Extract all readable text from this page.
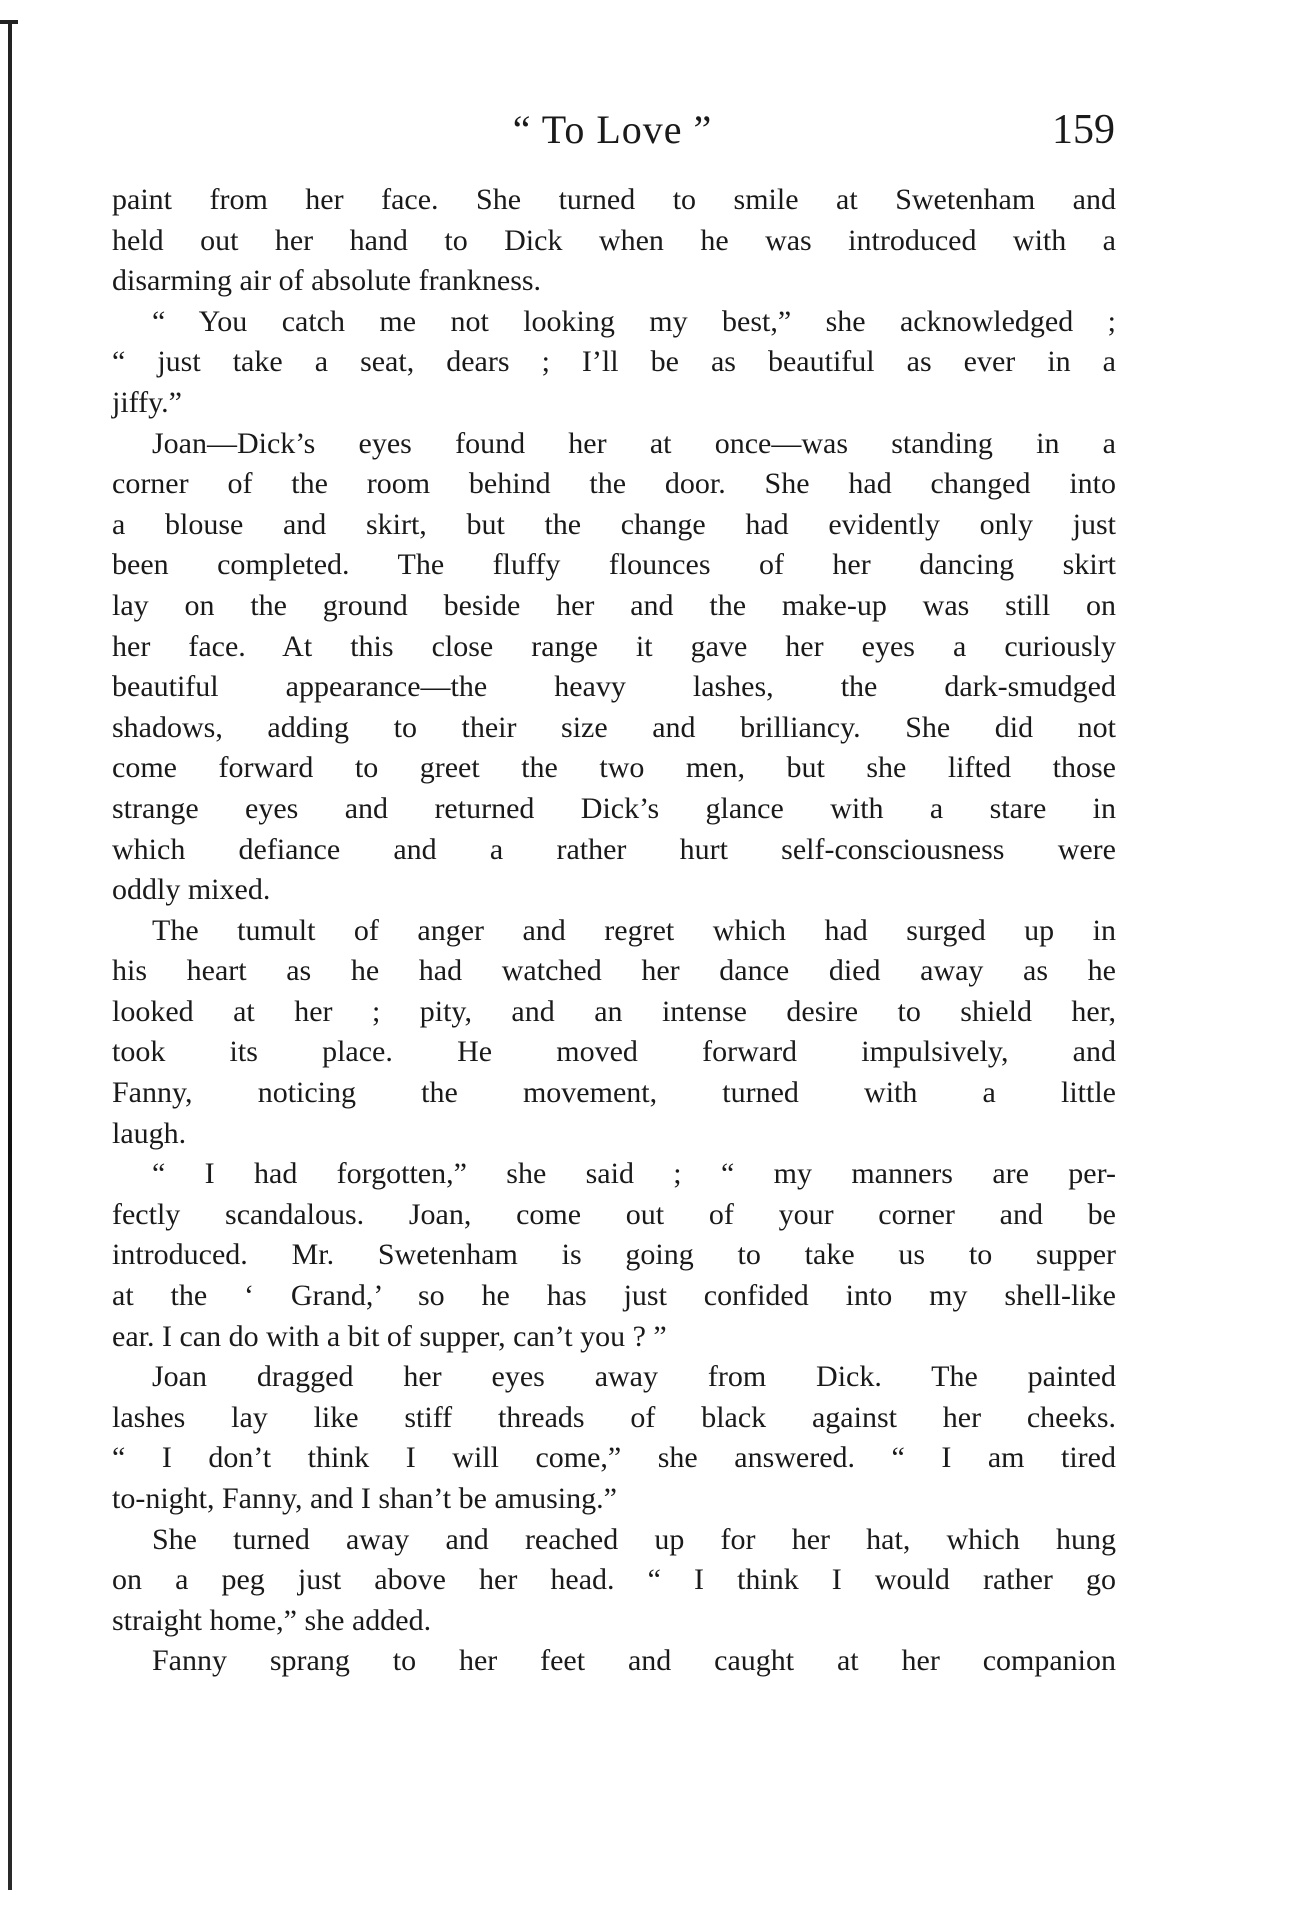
“ To Love ”	159
paint from her face. She turned to smile at Swetenham and
held out her hand to Dick when he was introduced with a
disarming air of absolute frankness.
“ You catch me not looking my best,” she acknowledged ;
“ just take a seat, dears ; I’ll be as beautiful as ever in a
jiffy.”
Joan—Dick’s eyes found her at once—was standing in a
corner of the room behind the door. She had changed into
a blouse and skirt, but the change had evidently only just
been completed. The fluffy flounces of her dancing skirt
lay on the ground beside her and the make-up was still on
her face. At this close range it gave her eyes a curiously
beautiful appearance—the heavy lashes, the dark-smudged
shadows, adding to their size and brilliancy. She did not
come forward to greet the two men, but she lifted those
strange eyes and returned Dick’s glance with a stare in
which defiance and a rather hurt self-consciousness were
oddly mixed.
The tumult of anger and regret which had surged up in
his heart as he had watched her dance died away as he
looked at her ; pity, and an intense desire to shield her,
took its place. He moved forward impulsively, and
Fanny, noticing the movement, turned with a little
laugh.
“ I had forgotten,” she said ; “ my manners are per-
fectly scandalous. Joan, come out of your corner and be
introduced. Mr. Swetenham is going to take us to supper
at the ‘ Grand,’ so he has just confided into my shell-like
ear. I can do with a bit of supper, can’t you ? ”
Joan dragged her eyes away from Dick. The painted
lashes lay like stiff threads of black against her cheeks.
“ I don’t think I will come,” she answered. “ I am tired
to-night, Fanny, and I shan’t be amusing.”
She turned away and reached up for her hat, which hung
on a peg just above her head. “ I think I would rather go
straight home,” she added.
Fanny sprang to her feet and caught at her companion
